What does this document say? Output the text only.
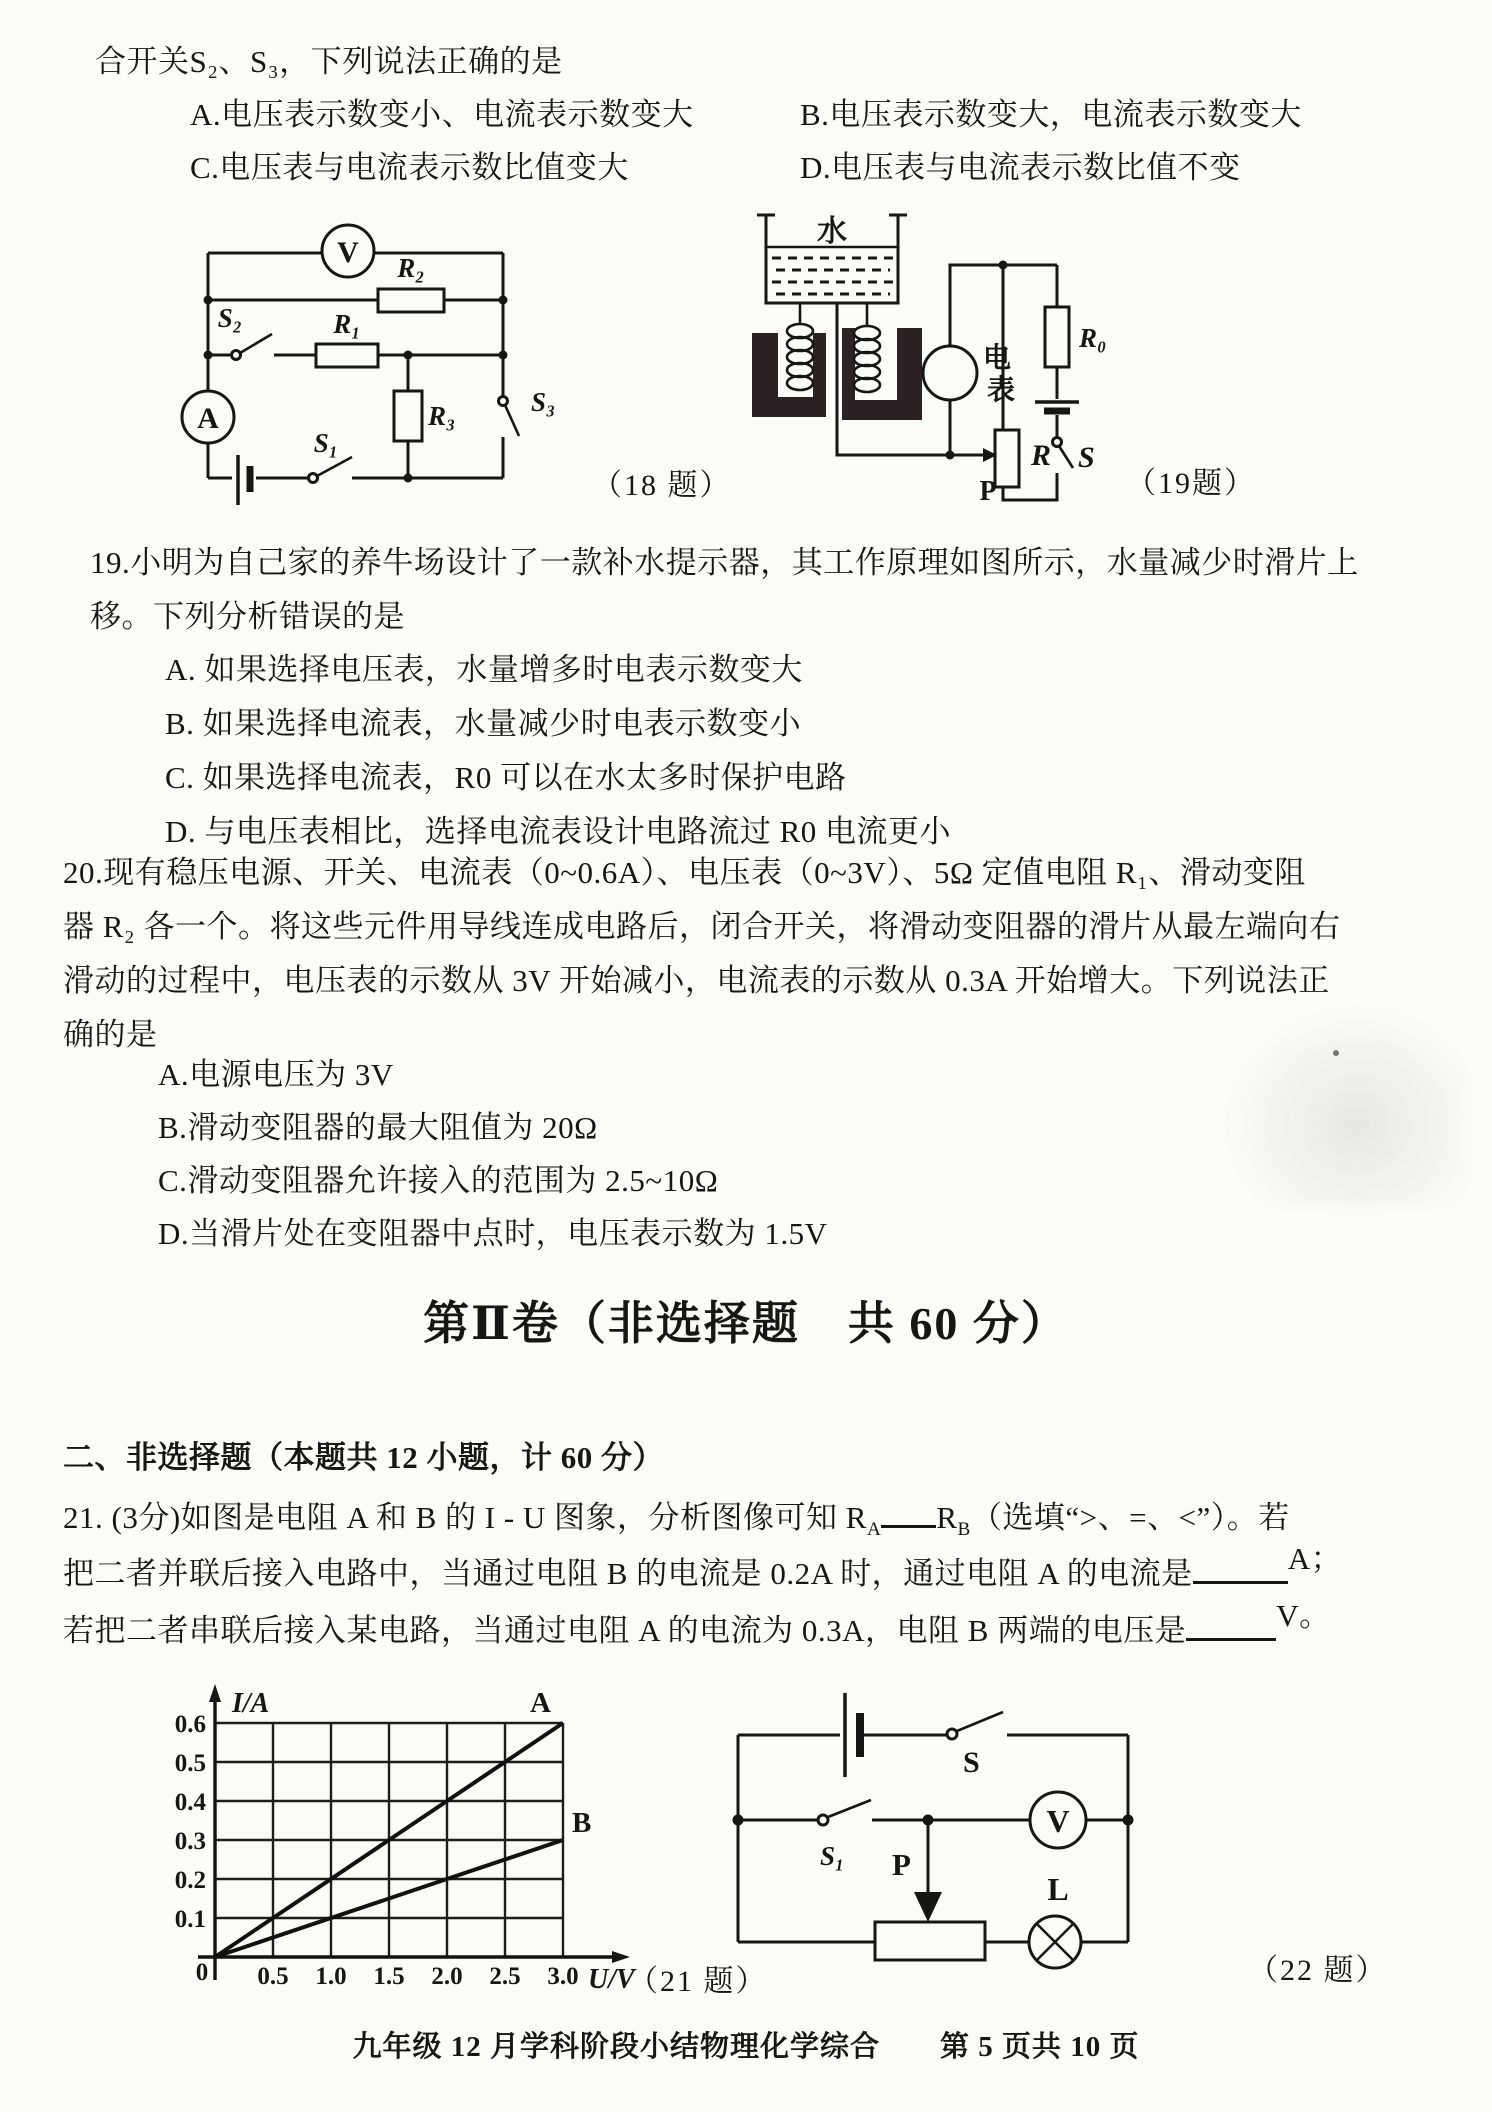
合开关S₂、S₃，下列说法正确的是
A.电压表示数变小、电流表示数变大	B.电压表示数变大，电流表示数变大
C.电压表与电流表示数比值变大	D.电压表与电流表示数比值不变
V
A
R₂
R₁
R₃
S₂
S₃
S₁
（18 题）
水
电
表
R₀
R
P
S
（19题）
19.小明为自己家的养牛场设计了一款补水提示器，其工作原理如图所示，水量减少时滑片上
移。下列分析错误的是
A. 如果选择电压表，水量增多时电表示数变大
B. 如果选择电流表，水量减少时电表示数变小
C. 如果选择电流表，R0 可以在水太多时保护电路
D. 与电压表相比，选择电流表设计电路流过 R0 电流更小
20.现有稳压电源、开关、电流表（0~0.6A）、电压表（0~3V）、5Ω 定值电阻 R₁、滑动变阻
器 R₂ 各一个。将这些元件用导线连成电路后，闭合开关，将滑动变阻器的滑片从最左端向右
滑动的过程中，电压表的示数从 3V 开始减小，电流表的示数从 0.3A 开始增大。下列说法正
确的是
A.电源电压为 3V
B.滑动变阻器的最大阻值为 20Ω
C.滑动变阻器允许接入的范围为 2.5~10Ω
D.当滑片处在变阻器中点时，电压表示数为 1.5V
第Ⅱ卷（非选择题　共 60 分）
二、非选择题（本题共 12 小题，计 60 分）
21. (3分)如图是电阻 A 和 B 的 I - U 图象，分析图像可知 $R_A$ $R_B$（选填“>、=、<”）。若
把二者并联后接入电路中，当通过电阻 B 的电流是 0.2A 时，通过电阻 A 的电流是	A；
若把二者串联后接入某电路，当通过电阻 A 的电流为 0.3A，电阻 B 两端的电压是	V。
I/A
U/V
A
B
0 0.5 1.0 1.5 2.0 2.5 3.0
0.1
0.2
0.3
0.4
0.5
0.6
（21 题）
V
S
S₁ P
L
（22 题）
九年级 12 月学科阶段小结物理化学综合　　第 5 页共 10 页
